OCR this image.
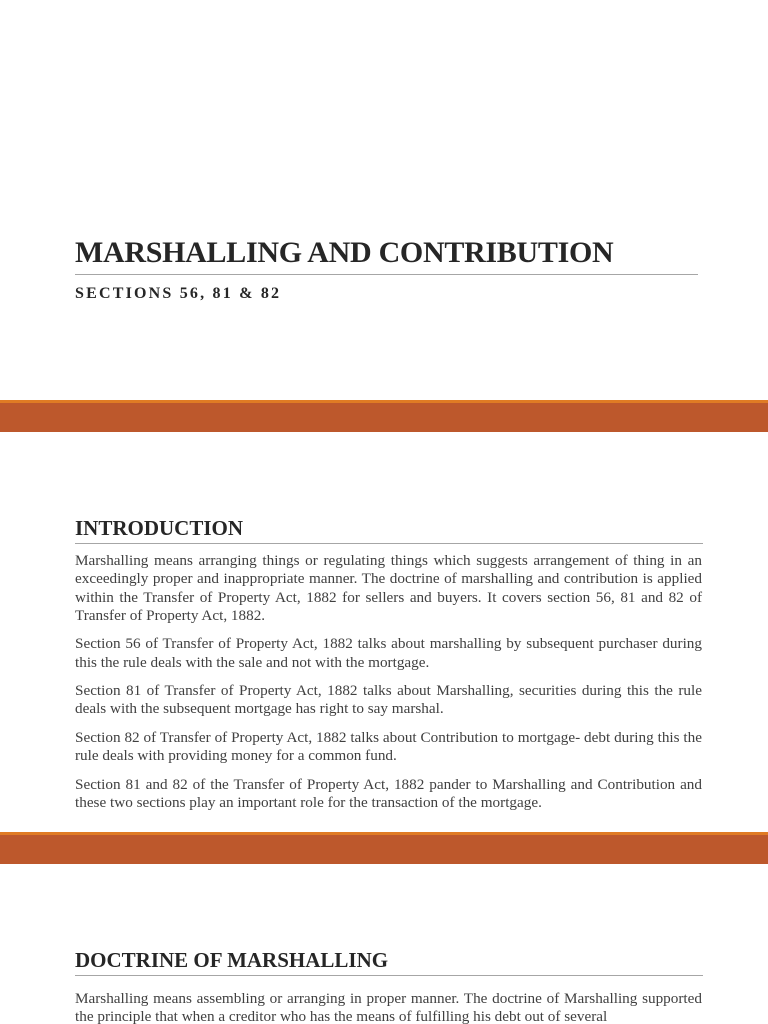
MARSHALLING AND CONTRIBUTION
SECTIONS 56, 81 & 82
INTRODUCTION

Marshalling means arranging things or regulating things which suggests arrangement of thing in an exceedingly proper and inappropriate manner. The doctrine of marshalling and contribution is applied within the Transfer of Property Act, 1882 for sellers and buyers. It covers section 56, 81 and 82 of Transfer of Property Act, 1882.

Section 56 of Transfer of Property Act, 1882 talks about marshalling by subsequent purchaser during this the rule deals with the sale and not with the mortgage.

Section 81 of Transfer of Property Act, 1882 talks about Marshalling, securities during this the rule deals with the subsequent mortgage has right to say marshal.

Section 82 of Transfer of Property Act, 1882 talks about Contribution to mortgage- debt during this the rule deals with providing money for a common fund.

Section 81 and 82 of the Transfer of Property Act, 1882 pander to Marshalling and Contribution and these two sections play an important role for the transaction of the mortgage.

DOCTRINE OF MARSHALLING

Marshalling means assembling or arranging in proper manner. The doctrine of Marshalling supported the principle that when a creditor who has the means of fulfilling his debt out of several
